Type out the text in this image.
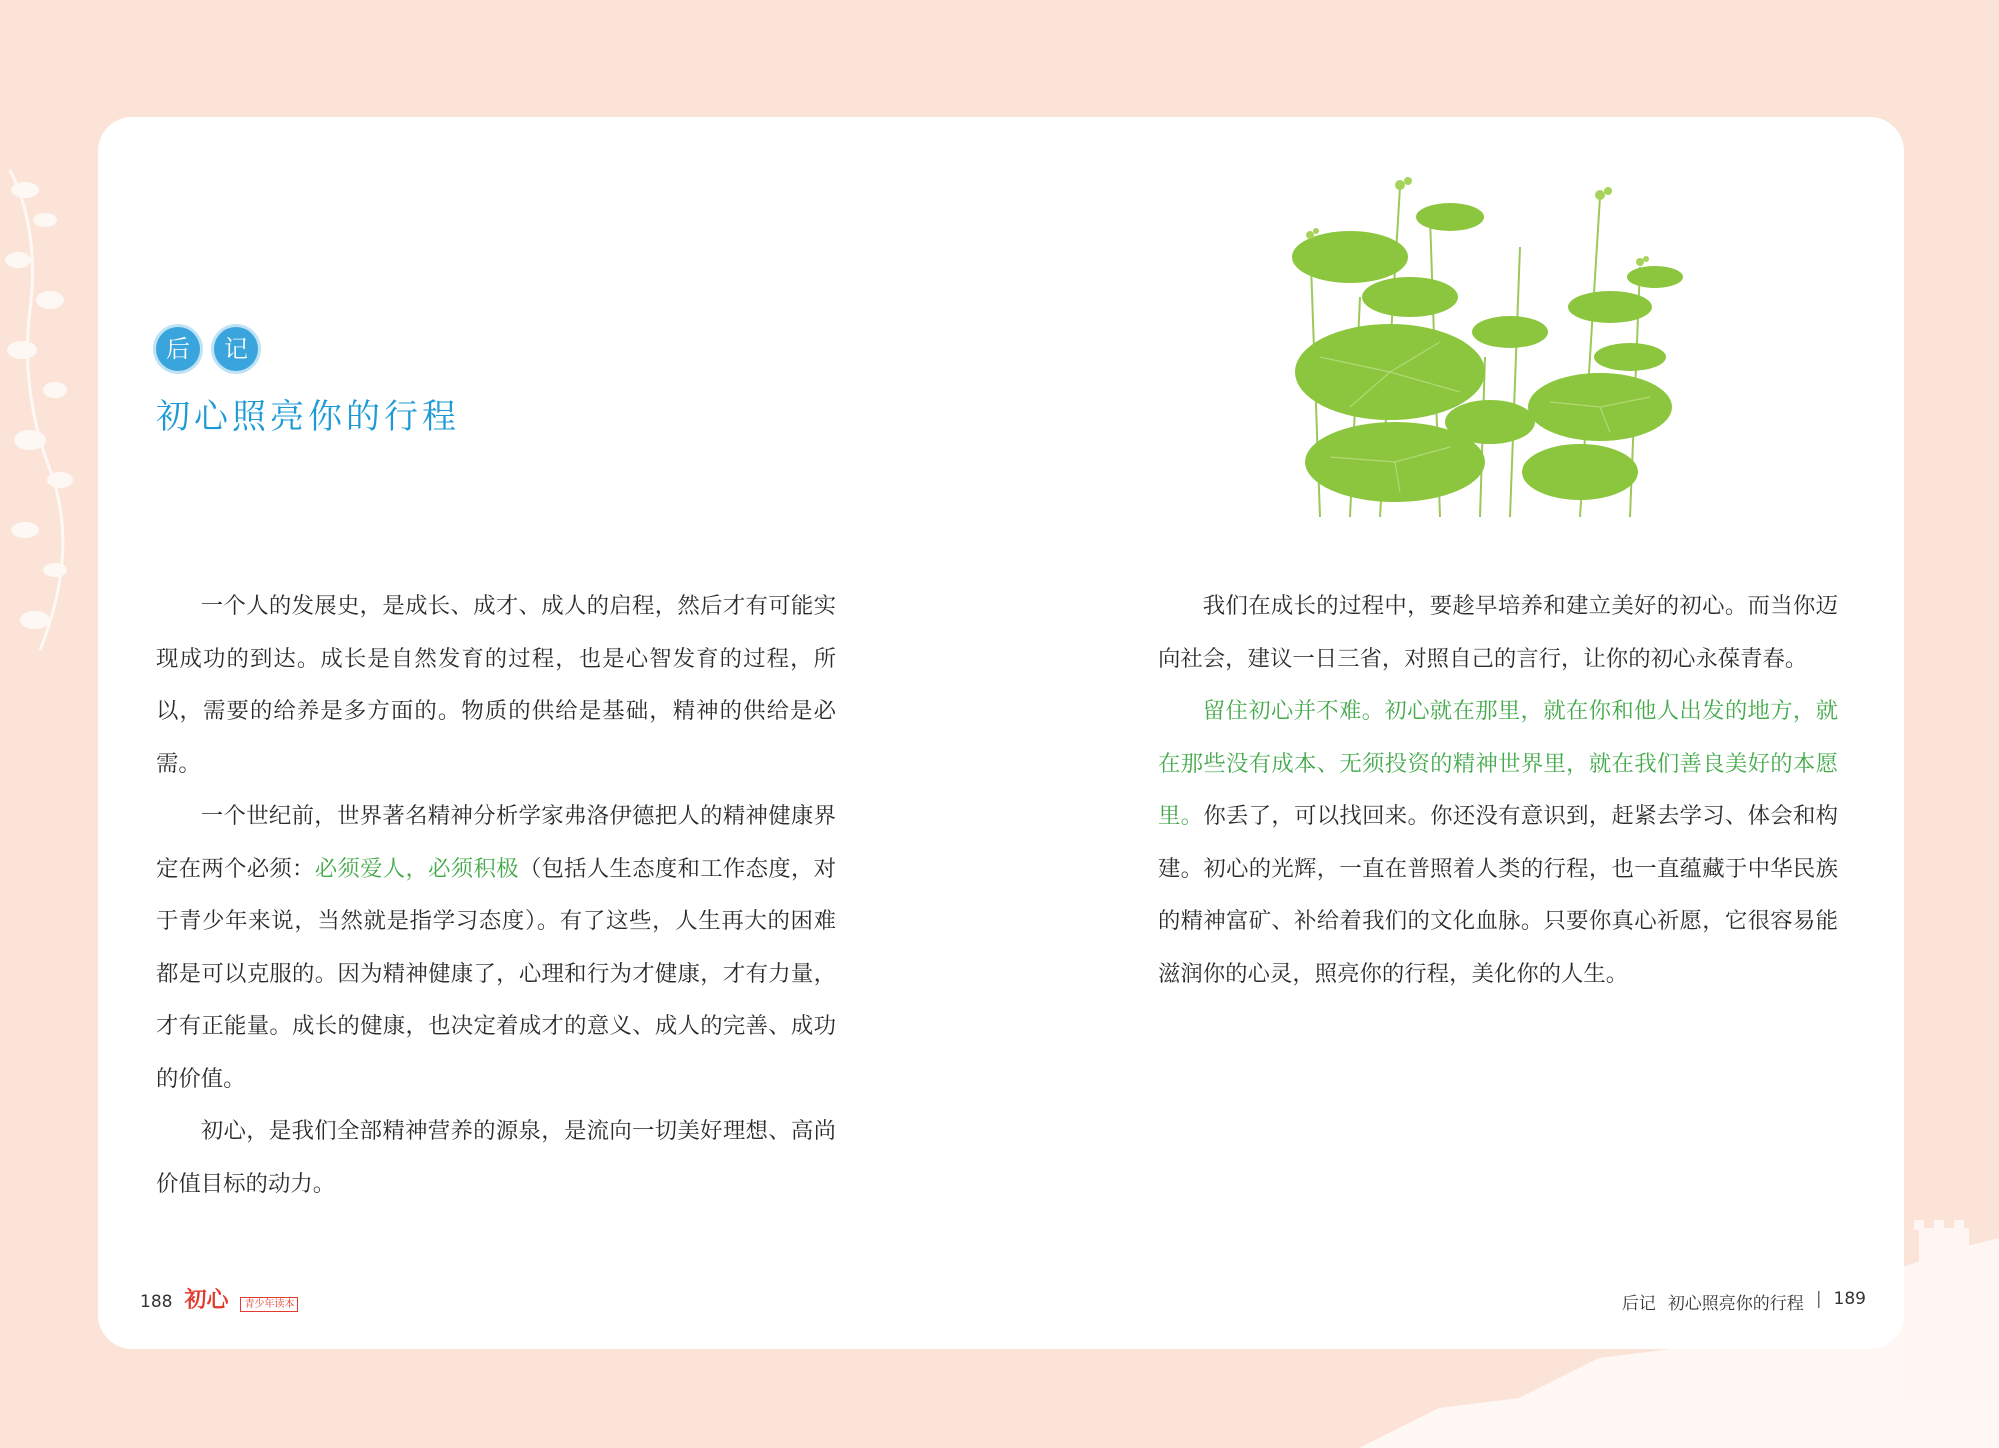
后	记
初心照亮你的行程

一个人的发展史，是成长、成才、成人的启程，然后才有可能实现成功的到达。成长是自然发育的过程，也是心智发育的过程，所以，需要的给养是多方面的。物质的供给是基础，精神的供给是必需。

一个世纪前，世界著名精神分析学家弗洛伊德把人的精神健康界定在两个必须：必须爱人，必须积极（包括人生态度和工作态度，对于青少年来说，当然就是指学习态度）。有了这些，人生再大的困难都是可以克服的。因为精神健康了，心理和行为才健康，才有力量，才有正能量。成长的健康，也决定着成才的意义、成人的完善、成功的价值。

初心，是我们全部精神营养的源泉，是流向一切美好理想、高尚价值目标的动力。

我们在成长的过程中，要趁早培养和建立美好的初心。而当你迈向社会，建议一日三省，对照自己的言行，让你的初心永葆青春。

留住初心并不难。初心就在那里，就在你和他人出发的地方，就在那些没有成本、无须投资的精神世界里，就在我们善良美好的本愿里。你丢了，可以找回来。你还没有意识到，赶紧去学习、体会和构建。初心的光辉，一直在普照着人类的行程，也一直蕴藏于中华民族的精神富矿、补给着我们的文化血脉。只要你真心祈愿，它很容易能滋润你的心灵，照亮你的行程，美化你的人生。

188 初心	青少年读本	后记 初心照亮你的行程 | 189
